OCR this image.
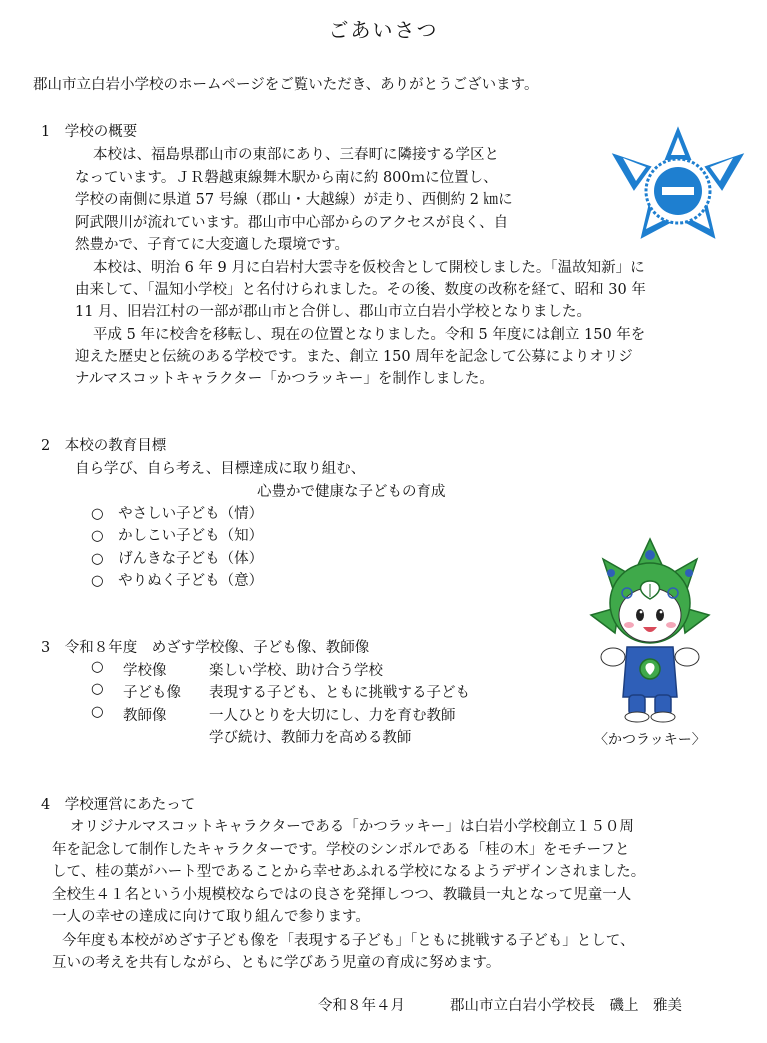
ごあいさつ
郡山市立白岩小学校のホームページをご覧いただき、ありがとうございます。
1　学校の概要
本校は、福島県郡山市の東部にあり、三春町に隣接する学区と
なっています。ＪＲ磐越東線舞木駅から南に約 800ｍに位置し、
学校の南側に県道 57 号線（郡山・大越線）が走り、西側約 2 ㎞に
阿武隈川が流れています。郡山市中心部からのアクセスが良く、自
然豊かで、子育てに大変適した環境です。
本校は、明治 6 年 9 月に白岩村大雲寺を仮校舎として開校しました。「温故知新」に
由来して、「温知小学校」と名付けられました。その後、数度の改称を経て、昭和 30 年
11 月、旧岩江村の一部が郡山市と合併し、郡山市立白岩小学校となりました。
平成 5 年に校舎を移転し、現在の位置となりました。令和 5 年度には創立 150 年を
迎えた歴史と伝統のある学校です。また、創立 150 周年を記念して公募によりオリジ
ナルマスコットキャラクター「かつラッキー」を制作しました。
2　本校の教育目標
自ら学び、自ら考え、目標達成に取り組む、
心豊かで健康な子どもの育成
○　やさしい子ども（情）
○　かしこい子ども（知）
○　げんきな子ども（体）
○　やりぬく子ども（意）
3　令和８年度　めざす学校像、子ども像、教師像
○ 学校像	楽しい学校、助け合う学校
○ 子ども像 表現する子ども、ともに挑戦する子ども
○ 教師像	一人ひとりを大切にし、力を育む教師
学び続け、教師力を高める教師	〈かつラッキー〉
4　学校運営にあたって
オリジナルマスコットキャラクターである「かつラッキー」は白岩小学校創立１５０周
年を記念して制作したキャラクターです。学校のシンボルである「桂の木」をモチーフと
して、桂の葉がハート型であることから幸せあふれる学校になるようデザインされました。
全校生４１名という小規模校ならではの良さを発揮しつつ、教職員一丸となって児童一人
一人の幸せの達成に向けて取り組んで参ります。
今年度も本校がめざす子ども像を「表現する子ども」「ともに挑戦する子ども」として、
互いの考えを共有しながら、ともに学びあう児童の育成に努めます。
令和８年４月	郡山市立白岩小学校長　磯上　雅美
